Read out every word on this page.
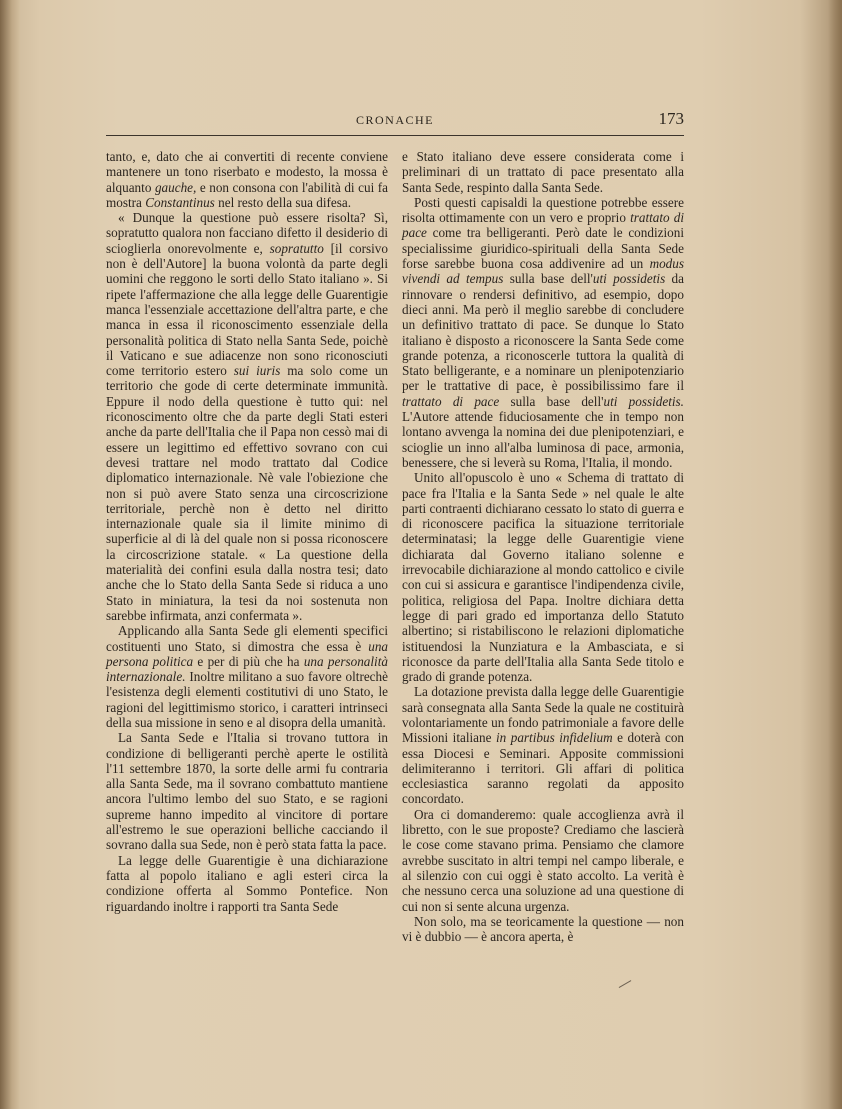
CRONACHE	173

tanto, e, dato che ai convertiti di recente conviene mantenere un tono riserbato e modesto, la mossa è alquanto gauche, e non consona con l'abilità di cui fa mostra Constantinus nel resto della sua difesa.

« Dunque la questione può essere risolta? Sì, sopratutto qualora non facciano difetto il desiderio di scioglierla onorevolmente e, sopratutto [il corsivo non è dell'Autore] la buona volontà da parte degli uomini che reggono le sorti dello Stato italiano ». Si ripete l'affermazione che alla legge delle Guarentigie manca l'essenziale accettazione dell'altra parte, e che manca in essa il riconoscimento essenziale della personalità politica di Stato nella Santa Sede, poichè il Vaticano e sue adiacenze non sono riconosciuti come territorio estero sui iuris ma solo come un territorio che gode di certe determinate immunità. Eppure il nodo della questione è tutto qui: nel riconoscimento oltre che da parte degli Stati esteri anche da parte dell'Italia che il Papa non cessò mai di essere un legittimo ed effettivo sovrano con cui devesi trattare nel modo trattato dal Codice diplomatico internazionale. Nè vale l'obiezione che non si può avere Stato senza una circoscrizione territoriale, perchè non è detto nel diritto internazionale quale sia il limite minimo di superficie al di là del quale non si possa riconoscere la circoscrizione statale. « La questione della materialità dei confini esula dalla nostra tesi; dato anche che lo Stato della Santa Sede si riduca a uno Stato in miniatura, la tesi da noi sostenuta non sarebbe infirmata, anzi confermata ».

Applicando alla Santa Sede gli elementi specifici costituenti uno Stato, si dimostra che essa è una persona politica e per di più che ha una personalità internazionale. Inoltre militano a suo favore oltrechè l'esistenza degli elementi costitutivi di uno Stato, le ragioni del legittimismo storico, i caratteri intrinseci della sua missione in seno e al disopra della umanità.

La Santa Sede e l'Italia si trovano tuttora in condizione di belligeranti perchè aperte le ostilità l'11 settembre 1870, la sorte delle armi fu contraria alla Santa Sede, ma il sovrano combattuto mantiene ancora l'ultimo lembo del suo Stato, e se ragioni supreme hanno impedito al vincitore di portare all'estremo le sue operazioni belliche cacciando il sovrano dalla sua Sede, non è però stata fatta la pace.

La legge delle Guarentigie è una dichiarazione fatta al popolo italiano e agli esteri circa la condizione offerta al Sommo Pontefice. Non riguardando inoltre i rapporti tra Santa Sede

e Stato italiano deve essere considerata come i preliminari di un trattato di pace presentato alla Santa Sede, respinto dalla Santa Sede.

Posti questi capisaldi la questione potrebbe essere risolta ottimamente con un vero e proprio trattato di pace come tra belligeranti. Però date le condizioni specialissime giuridico-spirituali della Santa Sede forse sarebbe buona cosa addivenire ad un modus vivendi ad tempus sulla base dell'uti possidetis da rinnovare o rendersi definitivo, ad esempio, dopo dieci anni. Ma però il meglio sarebbe di concludere un definitivo trattato di pace. Se dunque lo Stato italiano è disposto a riconoscere la Santa Sede come grande potenza, a riconoscerle tuttora la qualità di Stato belligerante, e a nominare un plenipotenziario per le trattative di pace, è possibilissimo fare il trattato di pace sulla base dell'uti possidetis. L'Autore attende fiduciosamente che in tempo non lontano avvenga la nomina dei due plenipotenziari, e scioglie un inno all'alba luminosa di pace, armonia, benessere, che si leverà su Roma, l'Italia, il mondo.

Unito all'opuscolo è uno « Schema di trattato di pace fra l'Italia e la Santa Sede » nel quale le alte parti contraenti dichiarano cessato lo stato di guerra e di riconoscere pacifica la situazione territoriale determinatasi; la legge delle Guarentigie viene dichiarata dal Governo italiano solenne e irrevocabile dichiarazione al mondo cattolico e civile con cui si assicura e garantisce l'indipendenza civile, politica, religiosa del Papa. Inoltre dichiara detta legge di pari grado ed importanza dello Statuto albertino; si ristabiliscono le relazioni diplomatiche istituendosi la Nunziatura e la Ambasciata, e si riconosce da parte dell'Italia alla Santa Sede titolo e grado di grande potenza.

La dotazione prevista dalla legge delle Guarentigie sarà consegnata alla Santa Sede la quale ne costituirà volontariamente un fondo patrimoniale a favore delle Missioni italiane in partibus infidelium e doterà con essa Diocesi e Seminari. Apposite commissioni delimiteranno i territori. Gli affari di politica ecclesiastica saranno regolati da apposito concordato.

Ora ci domanderemo: quale accoglienza avrà il libretto, con le sue proposte? Crediamo che lascierà le cose come stavano prima. Pensiamo che clamore avrebbe suscitato in altri tempi nel campo liberale, e al silenzio con cui oggi è stato accolto. La verità è che nessuno cerca una soluzione ad una questione di cui non si sente alcuna urgenza.

Non solo, ma se teoricamente la questione — non vi è dubbio — è ancora aperta, è
